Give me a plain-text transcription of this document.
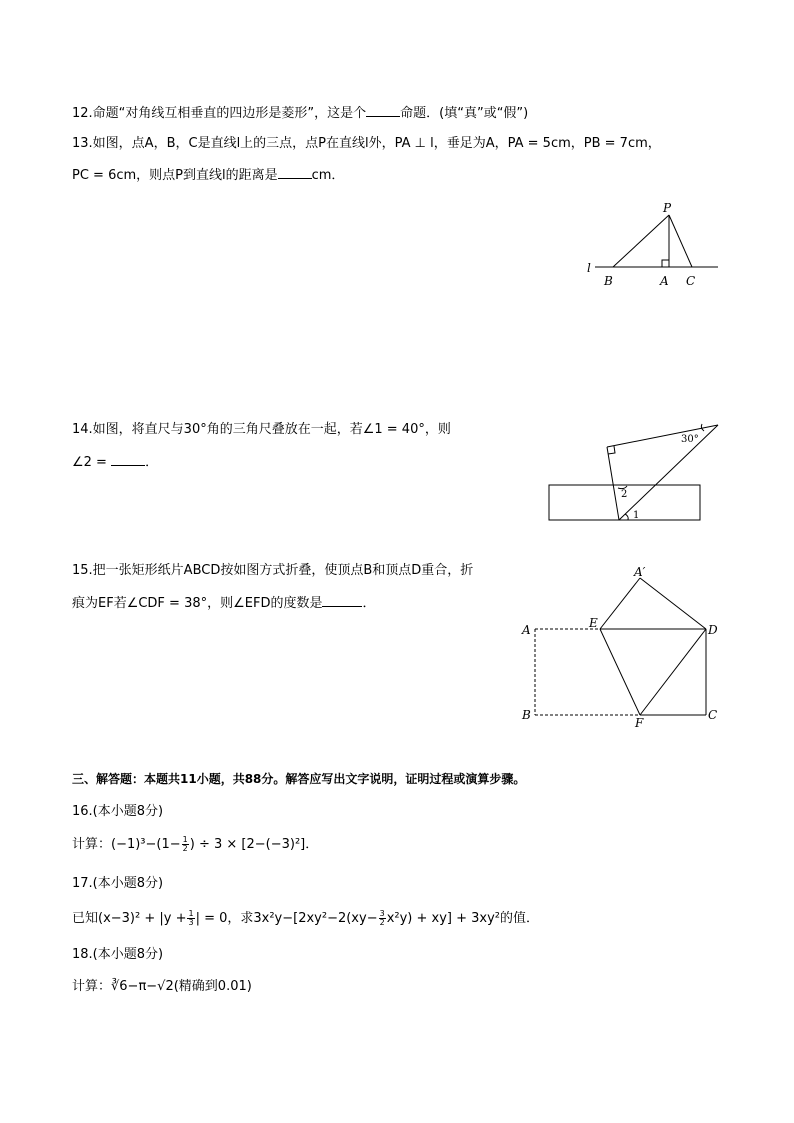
12.命题“对角线互相垂直的四边形是菱形”，这是个	命题．(填“真”或“假”)
13.如图，点A，B，C是直线l上的三点，点P在直线l外，PA ⊥ l，垂足为A，PA = 5cm，PB = 7cm，
PC = 6cm，则点P到直线l的距离是	cm．
P
l
B	A C
14.如图，将直尺与30°角的三角尺叠放在一起，若∠1 = 40°，则
∠2 =	．
30°
2
1
15.把一张矩形纸片ABCD按如图方式折叠，使顶点B和顶点D重合，折
痕为EF若∠CDF = 38°，则∠EFD的度数是	．
A′
E
A	D
B
F
C
三、解答题：本题共11小题，共88分。解答应写出文字说明，证明过程或演算步骤。
16.(本小题8分)
计算：$(-1)^3-(1- \frac{1}{2}$ ) ÷ 3 × [2−(−3)²]．
17.(本小题8分)
已知$(x-3)^2 + |y + \frac{1}{3}$ | = 0，求$3x^2y-[2xy^2-2(xy- \frac{3}{2} x^2y) + xy] + 3xy^2$的值．
18.(本小题8分)
计算：∛6−π−√2(精确到0.01)
